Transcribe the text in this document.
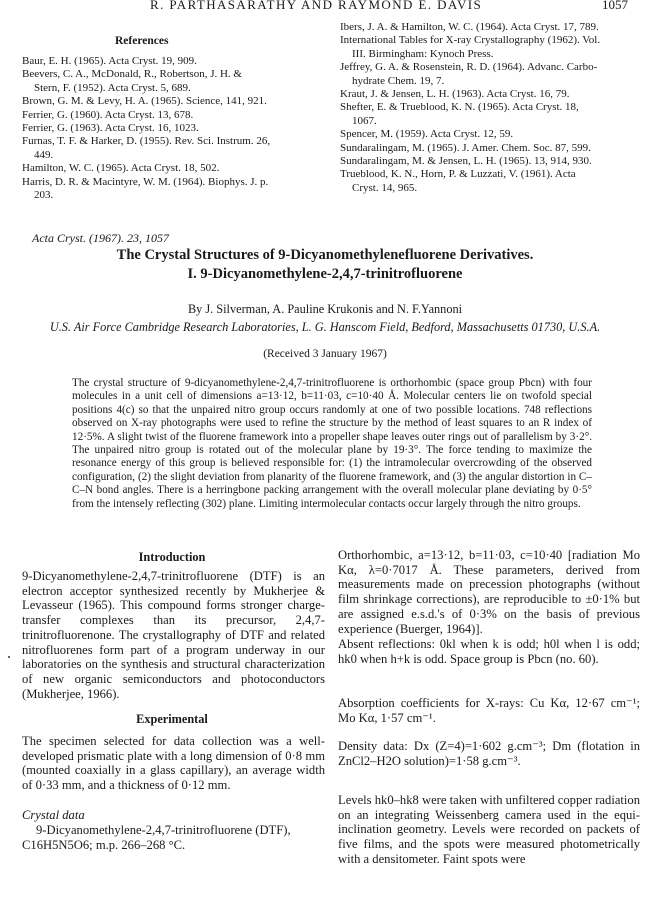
R. PARTHASARATHY AND RAYMOND E. DAVIS	1057
References
Baur, E. H. (1965). Acta Cryst. 19, 909.
Beevers, C. A., McDonald, R., Robertson, J. H. &
Stern, F. (1952). Acta Cryst. 5, 689.
Brown, G. M. & Levy, H. A. (1965). Science, 141, 921.
Ferrier, G. (1960). Acta Cryst. 13, 678.
Ferrier, G. (1963). Acta Cryst. 16, 1023.
Furnas, T. F. & Harker, D. (1955). Rev. Sci. Instrum. 26,
449.
Hamilton, W. C. (1965). Acta Cryst. 18, 502.
Harris, D. R. & Macintyre, W. M. (1964). Biophys. J. p.
203.
Ibers, J. A. & Hamilton, W. C. (1964). Acta Cryst. 17, 789.
International Tables for X-ray Crystallography (1962). Vol.
III. Birmingham: Kynoch Press.
Jeffrey, G. A. & Rosenstein, R. D. (1964). Advanc. Carbo-
hydrate Chem. 19, 7.
Kraut, J. & Jensen, L. H. (1963). Acta Cryst. 16, 79.
Shefter, E. & Trueblood, K. N. (1965). Acta Cryst. 18,
1067.
Spencer, M. (1959). Acta Cryst. 12, 59.
Sundaralingam, M. (1965). J. Amer. Chem. Soc. 87, 599.
Sundaralingam, M. & Jensen, L. H. (1965). 13, 914, 930.
Trueblood, K. N., Horn, P. & Luzzati, V. (1961). Acta
Cryst. 14, 965.
Acta Cryst. (1967). 23, 1057
The Crystal Structures of 9-Dicyanomethylenefluorene Derivatives.
I. 9-Dicyanomethylene-2,4,7-trinitrofluorene
By J. Silverman, A. Pauline Krukonis and N. F.Yannoni
U.S. Air Force Cambridge Research Laboratories, L. G. Hanscom Field, Bedford, Massachusetts 01730, U.S.A.
(Received 3 January 1967)
The crystal structure of 9-dicyanomethylene-2,4,7-trinitrofluorene is orthorhombic (space group Pbcn) with four molecules in a unit cell of dimensions a=13·12, b=11·03, c=10·40 Å. Molecular centers lie on twofold special positions 4(c) so that the unpaired nitro group occurs randomly at one of two possible locations. 748 reflections observed on X-ray photographs were used to refine the structure by the method of least squares to an R index of 12·5%. A slight twist of the fluorene framework into a propeller shape leaves outer rings out of parallelism by 3·2°. The unpaired nitro group is rotated out of the molecular plane by 19·3°. The force tending to maximize the resonance energy of this group is believed responsible for: (1) the intramolecular overcrowding of the observed configuration, (2) the slight deviation from planarity of the fluorene framework, and (3) the angular distortion in C–C–N bond angles. There is a herringbone packing arrangement with the overall molecular plane deviating by 0·5° from the intensely reflecting (302) plane. Limiting intermolecular contacts occur largely through the nitro groups.
Introduction
9-Dicyanomethylene-2,4,7-trinitrofluorene (DTF) is an electron acceptor synthesized recently by Mukherjee & Levasseur (1965). This compound forms stronger charge-transfer complexes than its precursor, 2,4,7-trinitrofluorenone. The crystallography of DTF and related nitrofluorenes form part of a program underway in our laboratories on the synthesis and structural characterization of new organic semiconductors and photoconductors (Mukherjee, 1966).
Experimental
The specimen selected for data collection was a well-developed prismatic plate with a long dimension of 0·8 mm (mounted coaxially in a glass capillary), an average width of 0·33 mm, and a thickness of 0·12 mm.
Crystal data
9-Dicyanomethylene-2,4,7-trinitrofluorene (DTF),
C16H5N5O6; m.p. 266–268 °C.
Orthorhombic, a=13·12, b=11·03, c=10·40 [radiation Mo Kα, λ=0·7017 Å. These parameters, derived from measurements made on precession photographs (without film shrinkage corrections), are reproducible to ±0·1% but are assigned e.s.d.'s of 0·3% on the basis of previous experience (Buerger, 1964)].
Absent reflections: 0kl when k is odd; h0l when l is odd; hk0 when h+k is odd. Space group is Pbcn (no. 60).
Absorption coefficients for X-rays: Cu Kα, 12·67 cm⁻¹; Mo Kα, 1·57 cm⁻¹.
Density data: Dx (Z=4)=1·602 g.cm⁻³; Dm (flotation in ZnCl2–H2O solution)=1·58 g.cm⁻³.
Levels hk0–hk8 were taken with unfiltered copper radiation on an integrating Weissenberg camera used in the equi-inclination geometry. Levels were recorded on packets of five films, and the spots were measured photometrically with a densitometer. Faint spots were
